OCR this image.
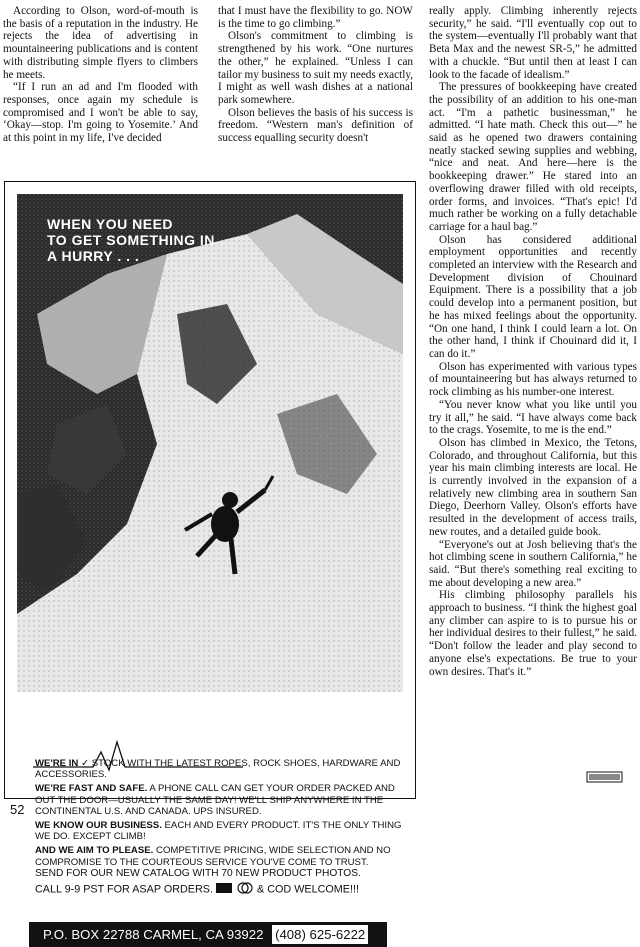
According to Olson, word-of-mouth is the basis of a reputation in the industry. He rejects the idea of advertising in mountaineering publications and is content with distributing simple flyers to climbers he meets.

“If I run an ad and I'm flooded with responses, once again my schedule is compromised and I won't be able to say, ‘Okay—stop. I'm going to Yosemite.’ And at this point in my life, I've decided

that I must have the flexibility to go. NOW is the time to go climbing.”

Olson's commitment to climbing is strengthened by his work. “One nurtures the other,” he explained. “Unless I can tailor my business to suit my needs exactly, I might as well wash dishes at a national park somewhere.

Olson believes the basis of his success is freedom. “Western man's definition of success equalling security doesn't

really apply. Climbing inherently rejects security,” he said. “I'll eventually cop out to the system—eventually I'll probably want that Beta Max and the newest SR-5,” he admitted with a chuckle. “But until then at least I can look to the facade of idealism.”

The pressures of bookkeeping have created the possibility of an addition to his one-man act. “I'm a pathetic businessman,” he admitted. “I hate math. Check this out—” he said as he opened two drawers containing neatly stacked sewing supplies and webbing, “nice and neat. And here—here is the bookkeeping drawer.” He stared into an overflowing drawer filled with old receipts, order forms, and invoices. “That's epic! I'd much rather be working on a fully detachable carriage for a haul bag.”

Olson has considered additional employment opportunities and recently completed an interview with the Research and Development division of Chouinard Equipment. There is a possibility that a job could develop into a permanent position, but he has mixed feelings about the opportunity. “On one hand, I think I could learn a lot. On the other hand, I think if Chouinard did it, I can do it.”

Olson has experimented with various types of mountaineering but has always returned to rock climbing as his number-one interest.

“You never know what you like until you try it all,” he said. “I have always come back to the crags. Yosemite, to me is the end.”

Olson has climbed in Mexico, the Tetons, Colorado, and throughout California, but this year his main climbing interests are local. He is currently involved in the expansion of a relatively new climbing area in southern San Diego, Deerhorn Valley. Olson's efforts have resulted in the development of access trails, new routes, and a detailed guide book.

“Everyone's out at Josh believing that's the hot climbing scene in southern California,” he said. “But there's something real exciting to me about developing a new area.”

His climbing philosophy parallels his approach to business. “I think the highest goal any climber can aspire to is to pursue his or her individual desires to their fullest,” he said. “Don't follow the leader and play second to anyone else's expectations. Be true to your own desires. That's it.”

WHEN YOU NEED
TO GET SOMETHING IN
A HURRY . . .
MACH 1986 TOO

WE'RE IN ✓ STOCK WITH THE LATEST ROPES, ROCK SHOES, HARDWARE AND ACCESSORIES.

WE'RE FAST AND SAFE. A PHONE CALL CAN GET YOUR ORDER PACKED AND OUT THE DOOR—USUALLY THE SAME DAY! WE'LL SHIP ANYWHERE IN THE CONTINENTAL U.S. AND CANADA. UPS INSURED.

WE KNOW OUR BUSINESS. EACH AND EVERY PRODUCT. IT'S THE ONLY THING WE DO. EXCEPT CLIMB!

AND WE AIM TO PLEASE. COMPETITIVE PRICING, WIDE SELECTION AND NO COMPROMISE TO THE COURTEOUS SERVICE YOU'VE COME TO TRUST.

SEND FOR OUR NEW CATALOG WITH 70 NEW PRODUCT PHOTOS.

CALL 9-9 PST FOR ASAP ORDERS.	& COD WELCOME!!!

P.O. BOX 22788 CARMEL, CA 93922 (408) 625-6222
52
